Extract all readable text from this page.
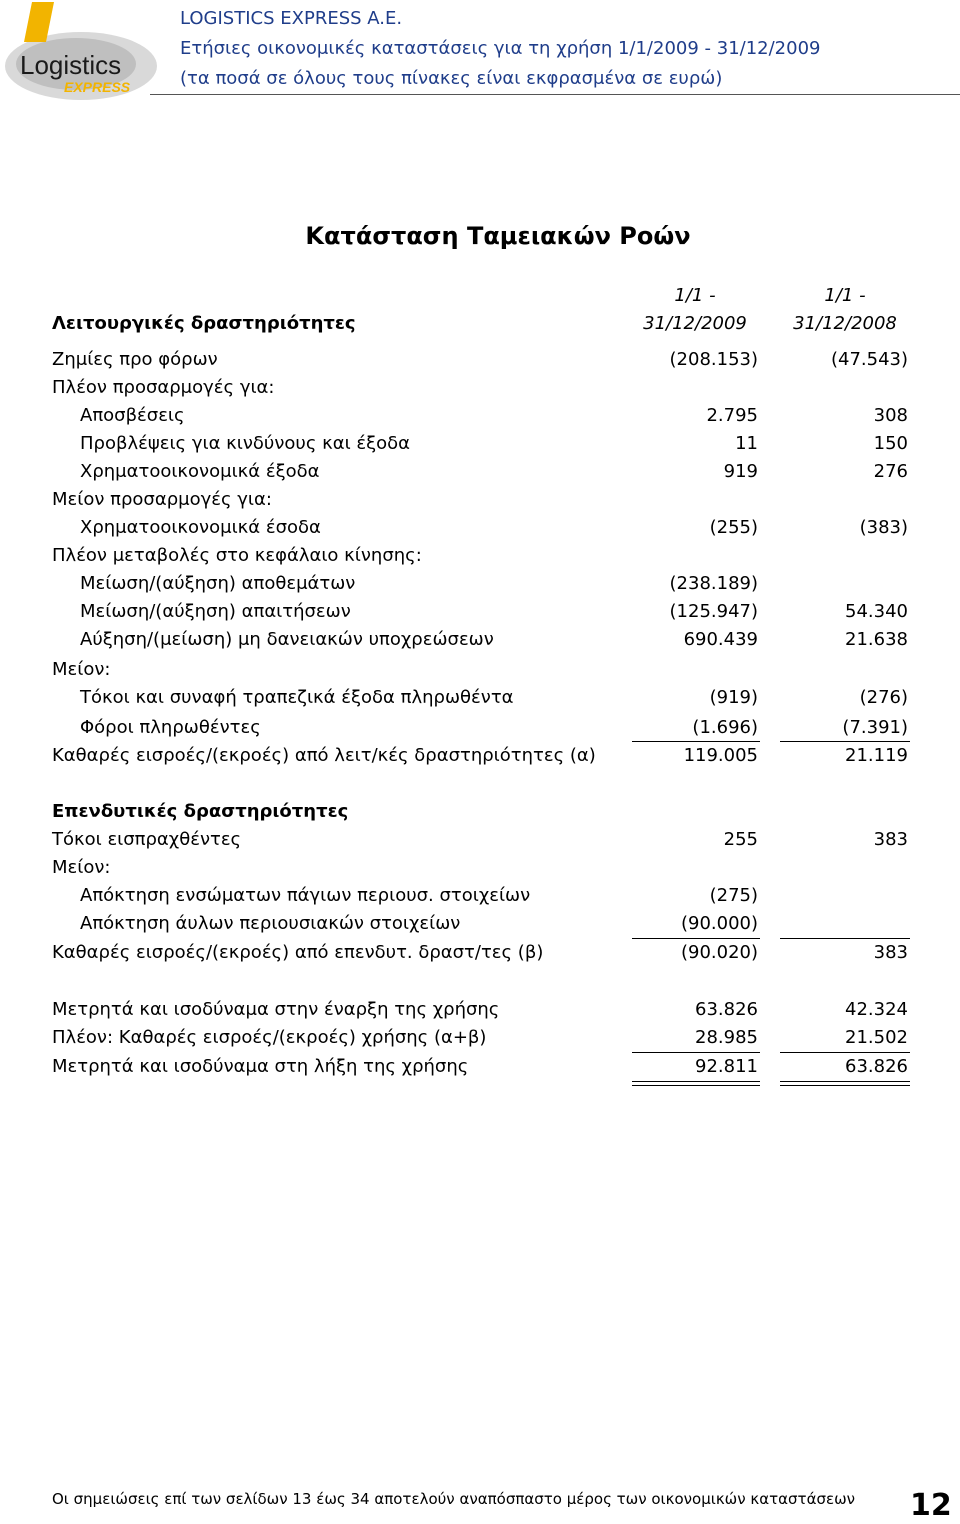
Logistics
EXPRESS
LOGISTICS EXPRESS A.E.
Ετήσιες οικονομικές καταστάσεις για τη χρήση 1/1/2009 - 31/12/2009
(τα ποσά σε όλους τους πίνακες είναι εκφρασμένα σε ευρώ)
Κατάσταση Ταμειακών Ροών
1/1 -
31/12/2009
1/1 -
31/12/2008
Λειτουργικές δραστηριότητες
Ζημίες προ φόρων	(208.153)	(47.543)
Πλέον προσαρμογές για:
Αποσβέσεις	2.795	308
Προβλέψεις για κινδύνους και έξοδα	11	150
Χρηματοοικονομικά έξοδα	919	276
Μείον προσαρμογές για:
Χρηματοοικονομικά έσοδα	(255)	(383)
Πλέον μεταβολές στο κεφάλαιο κίνησης:
Μείωση/(αύξηση) αποθεμάτων	(238.189)
Μείωση/(αύξηση) απαιτήσεων	(125.947)	54.340
Αύξηση/(μείωση) μη δανειακών υποχρεώσεων	690.439	21.638
Μείον:
Τόκοι και συναφή τραπεζικά έξοδα πληρωθέντα	(919)	(276)
Φόροι πληρωθέντες	(1.696)	(7.391)
Καθαρές εισροές/(εκροές) από λειτ/κές δραστηριότητες (α)	119.005	21.119
Επενδυτικές δραστηριότητες
Τόκοι εισπραχθέντες	255	383
Μείον:
Απόκτηση ενσώματων πάγιων περιουσ. στοιχείων	(275)
Απόκτηση άυλων περιουσιακών στοιχείων	(90.000)
Καθαρές εισροές/(εκροές) από επενδυτ. δραστ/τες (β)	(90.020)	383
Μετρητά και ισοδύναμα στην έναρξη της χρήσης	63.826	42.324
Πλέον: Καθαρές εισροές/(εκροές) χρήσης (α+β)	28.985	21.502
Μετρητά και ισοδύναμα στη λήξη της χρήσης	92.811	63.826
Οι σημειώσεις επί των σελίδων 13 έως 34 αποτελούν αναπόσπαστο μέρος των οικονομικών καταστάσεων 12
